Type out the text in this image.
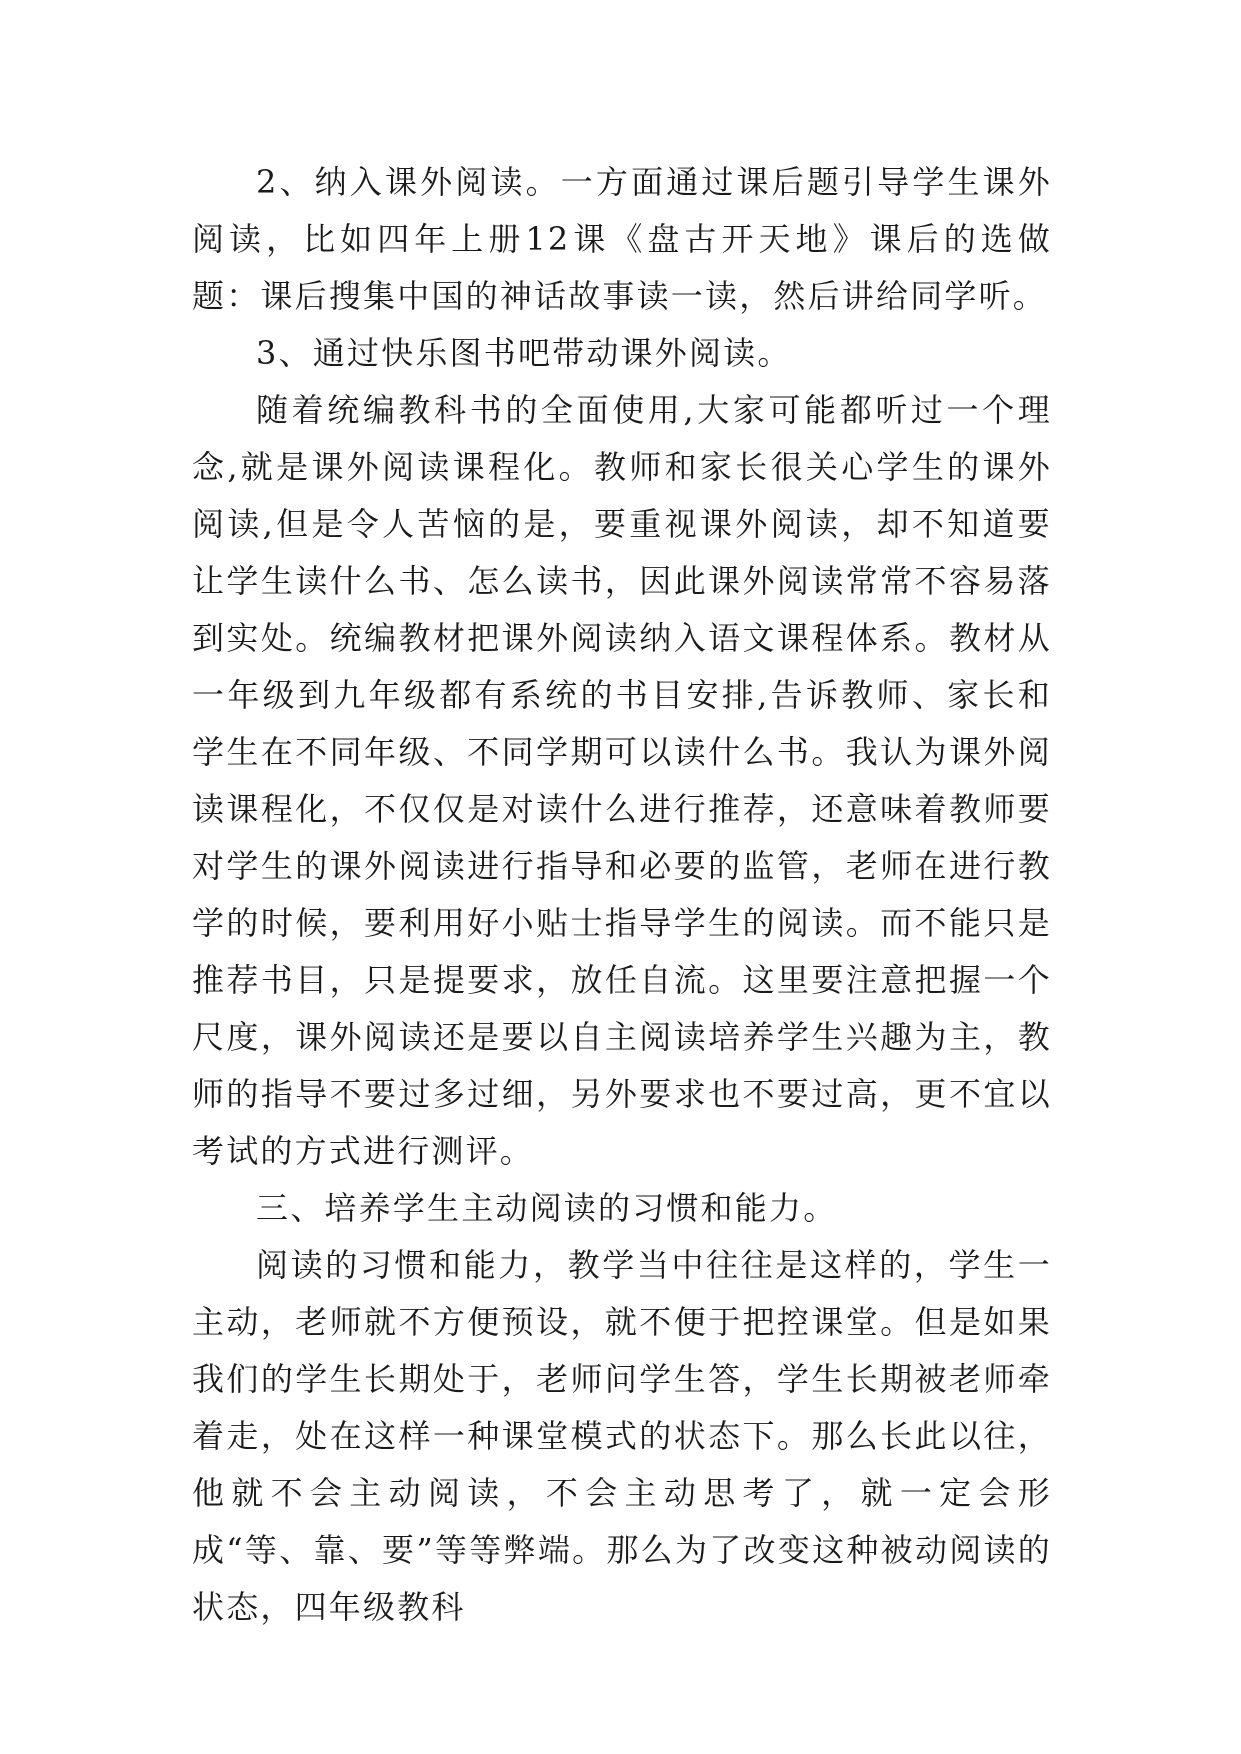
2、纳入课外阅读。一方面通过课后题引导学生课外阅读，比如四年上册12课《盘古开天地》课后的选做题：课后搜集中国的神话故事读一读，然后讲给同学听。

3、通过快乐图书吧带动课外阅读。

随着统编教科书的全面使用,大家可能都听过一个理念,就是课外阅读课程化。教师和家长很关心学生的课外阅读,但是令人苦恼的是，要重视课外阅读，却不知道要让学生读什么书、怎么读书，因此课外阅读常常不容易落到实处。统编教材把课外阅读纳入语文课程体系。教材从一年级到九年级都有系统的书目安排,告诉教师、家长和学生在不同年级、不同学期可以读什么书。我认为课外阅读课程化，不仅仅是对读什么进行推荐，还意味着教师要对学生的课外阅读进行指导和必要的监管，老师在进行教学的时候，要利用好小贴士指导学生的阅读。而不能只是推荐书目，只是提要求，放任自流。这里要注意把握一个尺度，课外阅读还是要以自主阅读培养学生兴趣为主，教师的指导不要过多过细，另外要求也不要过高，更不宜以考试的方式进行测评。

三、培养学生主动阅读的习惯和能力。

阅读的习惯和能力，教学当中往往是这样的，学生一主动，老师就不方便预设，就不便于把控课堂。但是如果我们的学生长期处于，老师问学生答，学生长期被老师牵着走，处在这样一种课堂模式的状态下。那么长此以往，他就不会主动阅读，不会主动思考了，就一定会形成“等、靠、要”等等弊端。那么为了改变这种被动阅读的状态，四年级教科
